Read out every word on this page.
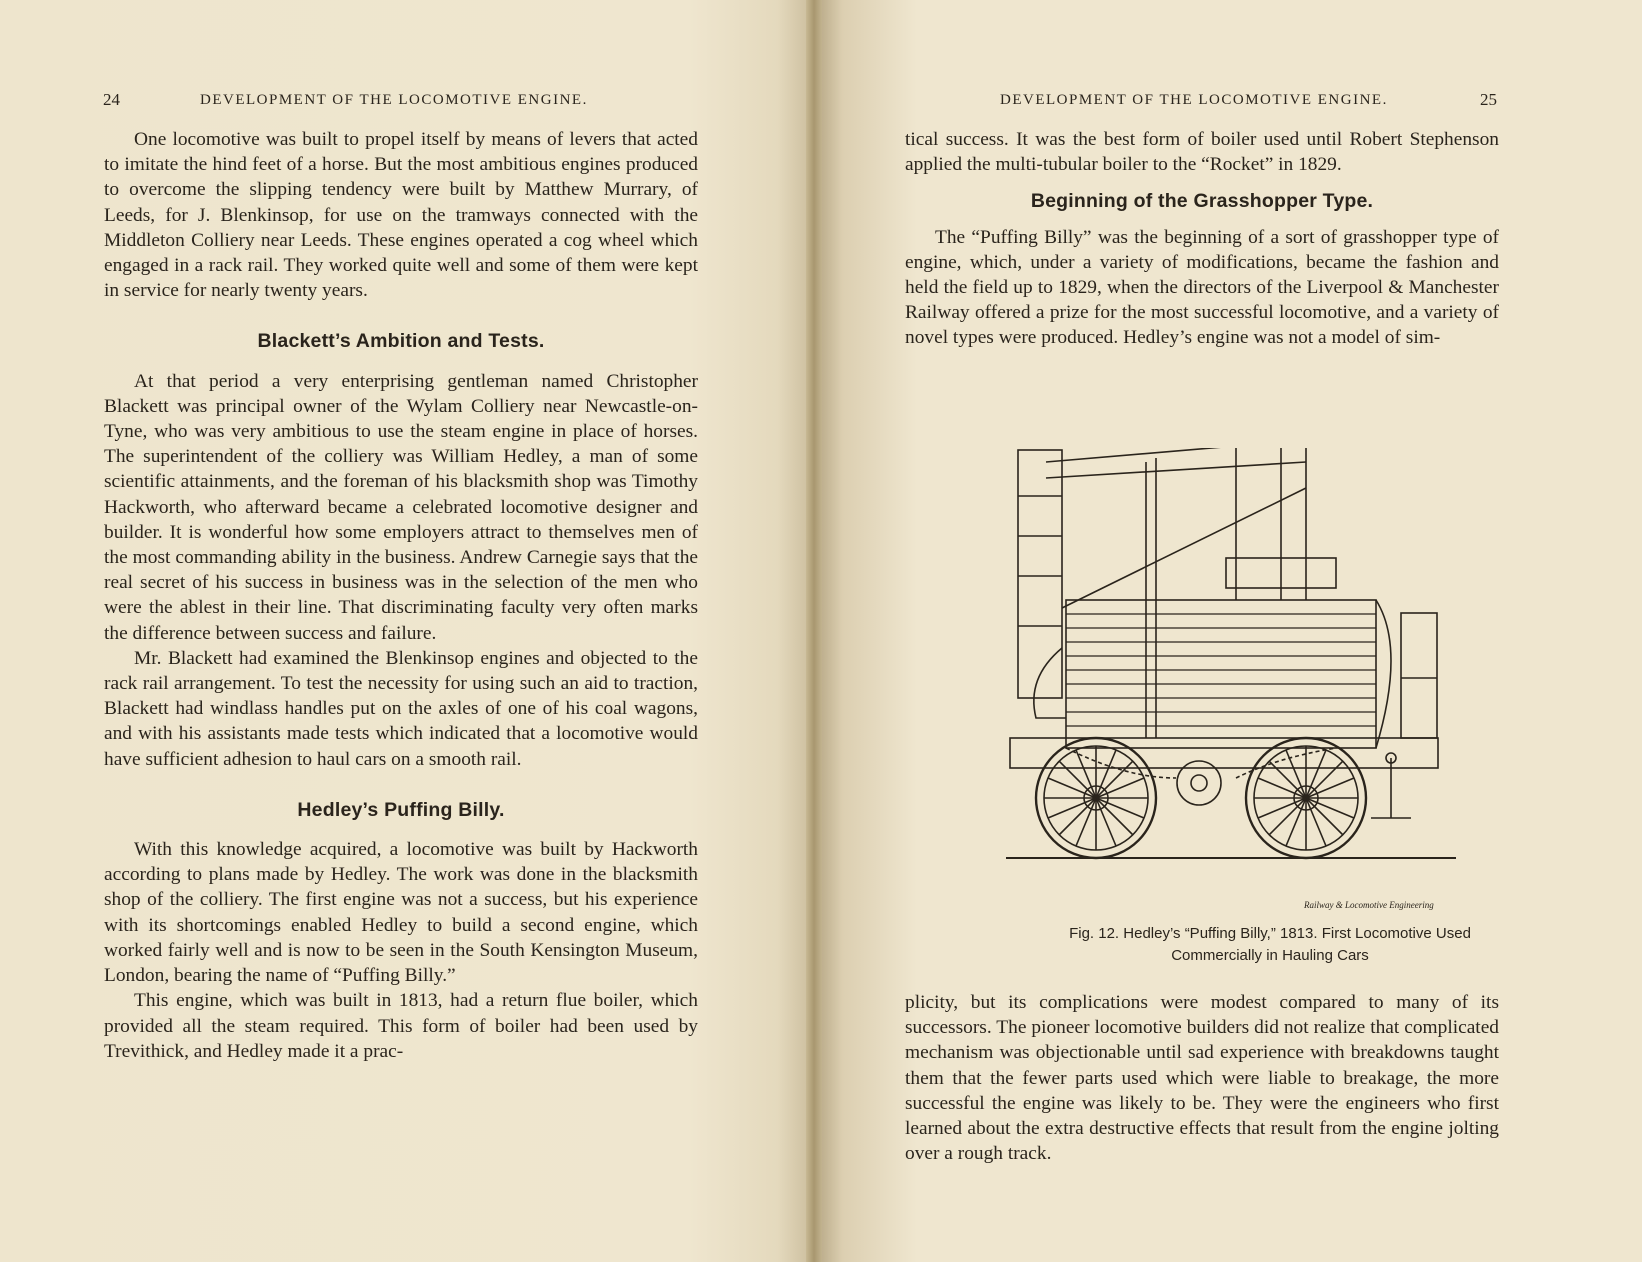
24	DEVELOPMENT OF THE LOCOMOTIVE ENGINE.

One locomotive was built to propel itself by means of levers that acted to imitate the hind feet of a horse. But the most ambitious engines produced to overcome the slipping tendency were built by Matthew Murrary, of Leeds, for J. Blenkinsop, for use on the tramways connected with the Middleton Colliery near Leeds. These engines operated a cog wheel which engaged in a rack rail. They worked quite well and some of them were kept in service for nearly twenty years.

Blackett’s Ambition and Tests.

At that period a very enterprising gentleman named Christopher Blackett was principal owner of the Wylam Colliery near Newcastle-on-Tyne, who was very ambitious to use the steam engine in place of horses. The superintendent of the colliery was William Hedley, a man of some scientific attainments, and the foreman of his blacksmith shop was Timothy Hackworth, who afterward became a celebrated locomotive designer and builder. It is wonderful how some employers attract to themselves men of the most commanding ability in the business. Andrew Carnegie says that the real secret of his success in business was in the selection of the men who were the ablest in their line. That discriminating faculty very often marks the difference between success and failure.

Mr. Blackett had examined the Blenkinsop engines and objected to the rack rail arrangement. To test the necessity for using such an aid to traction, Blackett had windlass handles put on the axles of one of his coal wagons, and with his assistants made tests which indicated that a locomotive would have sufficient adhesion to haul cars on a smooth rail.

Hedley’s Puffing Billy.

With this knowledge acquired, a locomotive was built by Hackworth according to plans made by Hedley. The work was done in the blacksmith shop of the colliery. The first engine was not a success, but his experience with its shortcomings enabled Hedley to build a second engine, which worked fairly well and is now to be seen in the South Kensington Museum, London, bearing the name of “Puffing Billy.”

This engine, which was built in 1813, had a return flue boiler, which provided all the steam required. This form of boiler had been used by Trevithick, and Hedley made it a prac-

DEVELOPMENT OF THE LOCOMOTIVE ENGINE.	25

tical success. It was the best form of boiler used until Robert Stephenson applied the multi-tubular boiler to the “Rocket” in 1829.

Beginning of the Grasshopper Type.

The “Puffing Billy” was the beginning of a sort of grasshopper type of engine, which, under a variety of modifications, became the fashion and held the field up to 1829, when the directors of the Liverpool & Manchester Railway offered a prize for the most successful locomotive, and a variety of novel types were produced. Hedley’s engine was not a model of sim-

Railway & Locomotive Engineering
Fig. 12. Hedley’s “Puffing Billy,” 1813. First Locomotive Used
Commercially in Hauling Cars

plicity, but its complications were modest compared to many of its successors. The pioneer locomotive builders did not realize that complicated mechanism was objectionable until sad experience with breakdowns taught them that the fewer parts used which were liable to breakage, the more successful the engine was likely to be. They were the engineers who first learned about the extra destructive effects that result from the engine jolting over a rough track.
